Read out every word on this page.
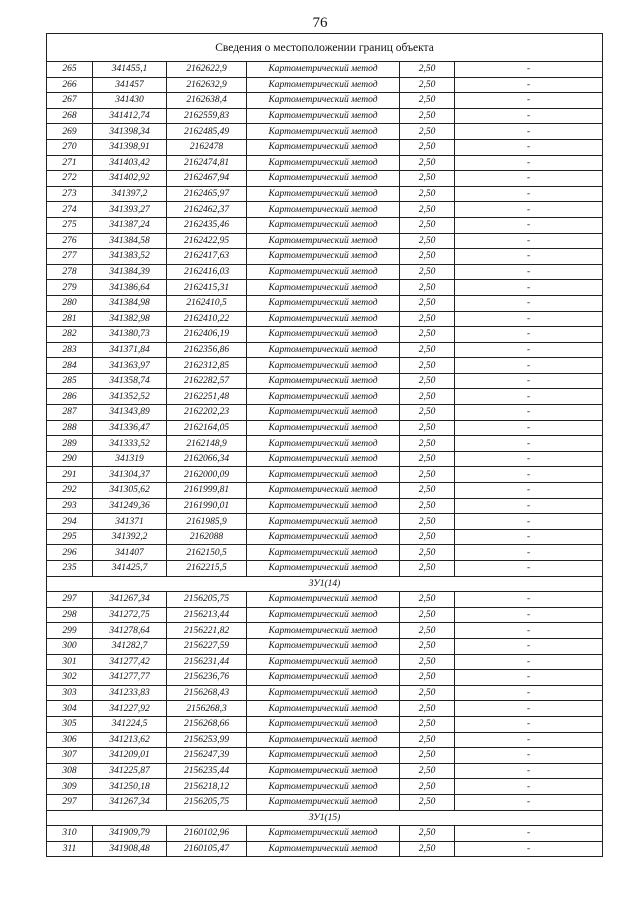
76
Сведения о местоположении границ объекта					
265	341455,1	2162622,9	Картометрический метод	2,50	-
266	341457	2162632,9	Картометрический метод	2,50	-
267	341430	2162638,4	Картометрический метод	2,50	-
268	341412,74	2162559,83	Картометрический метод	2,50	-
269	341398,34	2162485,49	Картометрический метод	2,50	-
270	341398,91	2162478	Картометрический метод	2,50	-
271	341403,42	2162474,81	Картометрический метод	2,50	-
272	341402,92	2162467,94	Картометрический метод	2,50	-
273	341397,2	2162465,97	Картометрический метод	2,50	-
274	341393,27	2162462,37	Картометрический метод	2,50	-
275	341387,24	2162435,46	Картометрический метод	2,50	-
276	341384,58	2162422,95	Картометрический метод	2,50	-
277	341383,52	2162417,63	Картометрический метод	2,50	-
278	341384,39	2162416,03	Картометрический метод	2,50	-
279	341386,64	2162415,31	Картометрический метод	2,50	-
280	341384,98	2162410,5	Картометрический метод	2,50	-
281	341382,98	2162410,22	Картометрический метод	2,50	-
282	341380,73	2162406,19	Картометрический метод	2,50	-
283	341371,84	2162356,86	Картометрический метод	2,50	-
284	341363,97	2162312,85	Картометрический метод	2,50	-
285	341358,74	2162282,57	Картометрический метод	2,50	-
286	341352,52	2162251,48	Картометрический метод	2,50	-
287	341343,89	2162202,23	Картометрический метод	2,50	-
288	341336,47	2162164,05	Картометрический метод	2,50	-
289	341333,52	2162148,9	Картометрический метод	2,50	-
290	341319	2162066,34	Картометрический метод	2,50	-
291	341304,37	2162000,09	Картометрический метод	2,50	-
292	341305,62	2161999,81	Картометрический метод	2,50	-
293	341249,36	2161990,01	Картометрический метод	2,50	-
294	341371	2161985,9	Картометрический метод	2,50	-
295	341392,2	2162088	Картометрический метод	2,50	-
296	341407	2162150,5	Картометрический метод	2,50	-
235	341425,7	2162215,5	Картометрический метод	2,50	-
ЗУ1(14)					
297	341267,34	2156205,75	Картометрический метод	2,50	-
298	341272,75	2156213,44	Картометрический метод	2,50	-
299	341278,64	2156221,82	Картометрический метод	2,50	-
300	341282,7	2156227,59	Картометрический метод	2,50	-
301	341277,42	2156231,44	Картометрический метод	2,50	-
302	341277,77	2156236,76	Картометрический метод	2,50	-
303	341233,83	2156268,43	Картометрический метод	2,50	-
304	341227,92	2156268,3	Картометрический метод	2,50	-
305	341224,5	2156268,66	Картометрический метод	2,50	-
306	341213,62	2156253,99	Картометрический метод	2,50	-
307	341209,01	2156247,39	Картометрический метод	2,50	-
308	341225,87	2156235,44	Картометрический метод	2,50	-
309	341250,18	2156218,12	Картометрический метод	2,50	-
297	341267,34	2156205,75	Картометрический метод	2,50	-
ЗУ1(15)					
310	341909,79	2160102,96	Картометрический метод	2,50	-
311	341908,48	2160105,47	Картометрический метод	2,50	-
